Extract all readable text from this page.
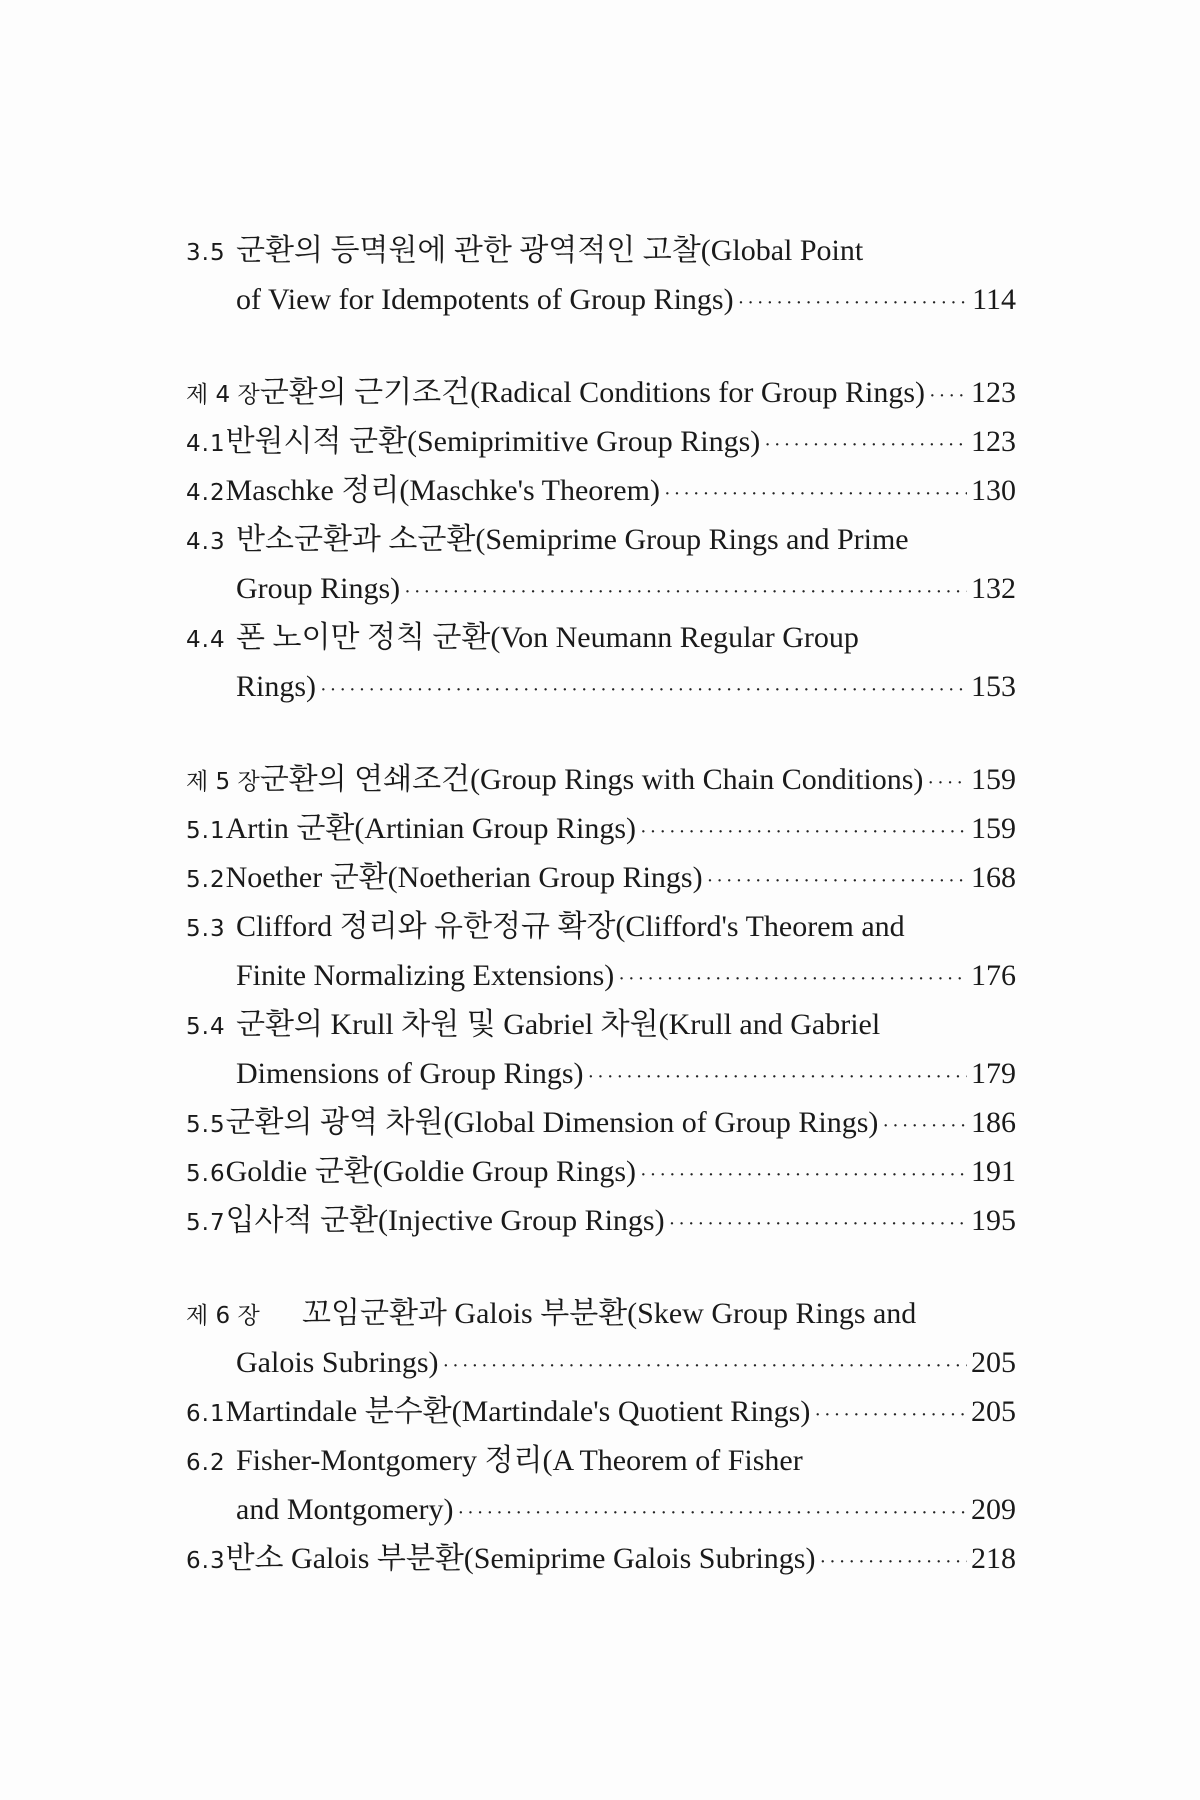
3.5 군환의 등멱원에 관한 광역적인 고찰(Global Point
of View for Idempotents of Group Rings) ·····	114
제 4 장 군환의 근기조건(Radical Conditions for Group Rings) ····· 123
4.1 반원시적 군환(Semiprimitive Group Rings) ·····	123
4.2 Maschke 정리(Maschke's Theorem) ·····	130
4.3 반소군환과 소군환(Semiprime Group Rings and Prime
Group Rings) ·····	132
4.4 폰 노이만 정칙 군환(Von Neumann Regular Group
Rings) ·····	153
제 5 장 군환의 연쇄조건(Group Rings with Chain Conditions) ····· 159
5.1 Artin 군환(Artinian Group Rings) ·····	159
5.2 Noether 군환(Noetherian Group Rings) ·····	168
5.3 Clifford 정리와 유한정규 확장(Clifford's Theorem and
Finite Normalizing Extensions) ·····	176
5.4 군환의 Krull 차원 및 Gabriel 차원(Krull and Gabriel
Dimensions of Group Rings) ·····	179
5.5 군환의 광역 차원(Global Dimension of Group Rings) ·····	186
5.6 Goldie 군환(Goldie Group Rings) ·····	191
5.7 입사적 군환(Injective Group Rings) ·····	195
제 6 장	꼬임군환과 Galois 부분환(Skew Group Rings and
Galois Subrings) ·····	205
6.1 Martindale 분수환(Martindale's Quotient Rings) ·····	205
6.2 Fisher-Montgomery 정리(A Theorem of Fisher
and Montgomery) ·····	209
6.3 반소 Galois 부분환(Semiprime Galois Subrings) ·····	218
